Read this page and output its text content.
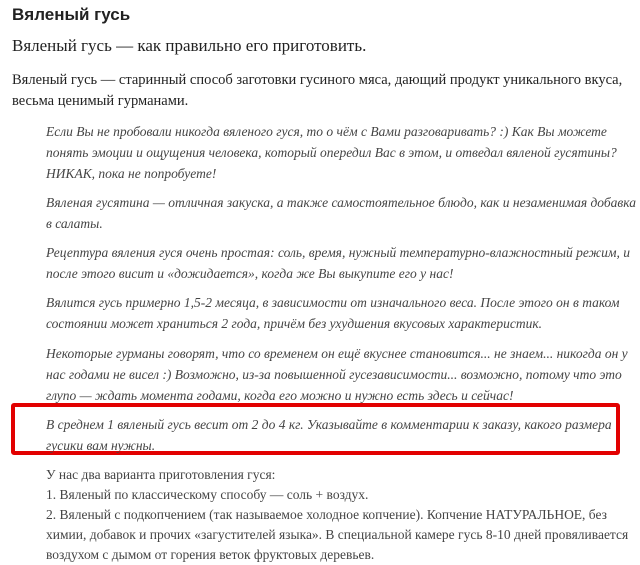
Вяленый гусь

Вяленый гусь — как правильно его приготовить.

Вяленый гусь — старинный способ заготовки гусиного мяса, дающий продукт уникального вкуса, весьма ценимый гурманами.

Если Вы не пробовали никогда вяленого гуся, то о чём с Вами разговаривать? :) Как Вы можете понять эмоции и ощущения человека, который опередил Вас в этом, и отведал вяленой гусятины? НИКАК, пока не попробуете!

Вяленая гусятина — отличная закуска, а также самостоятельное блюдо, как и незаменимая добавка в салаты.

Рецептура вяления гуся очень простая: соль, время, нужный температурно-влажностный режим, и после этого висит и «дожидается», когда же Вы выкупите его у нас!

Вялится гусь примерно 1,5-2 месяца, в зависимости от изначального веса. После этого он в таком состоянии может храниться 2 года, причём без ухудшения вкусовых характеристик.

Некоторые гурманы говорят, что со временем он ещё вкуснее становится... не знаем... никогда он у нас годами не висел :) Возможно, из-за повышенной гусезависимости... возможно, потому что это глупо — ждать момента годами, когда его можно и нужно есть здесь и сейчас!

В среднем 1 вяленый гусь весит от 2 до 4 кг. Указывайте в комментарии к заказу, какого размера гусики вам нужны.

У нас два варианта приготовления гуся:

1. Вяленый по классическому способу — соль + воздух.

2. Вяленый с подкопчением (так называемое холодное копчение). Копчение НАТУРАЛЬНОЕ, без химии, добавок и прочих «загустителей языка». В специальной камере гусь 8-10 дней провяливается воздухом с дымом от горения веток фруктовых деревьев.
